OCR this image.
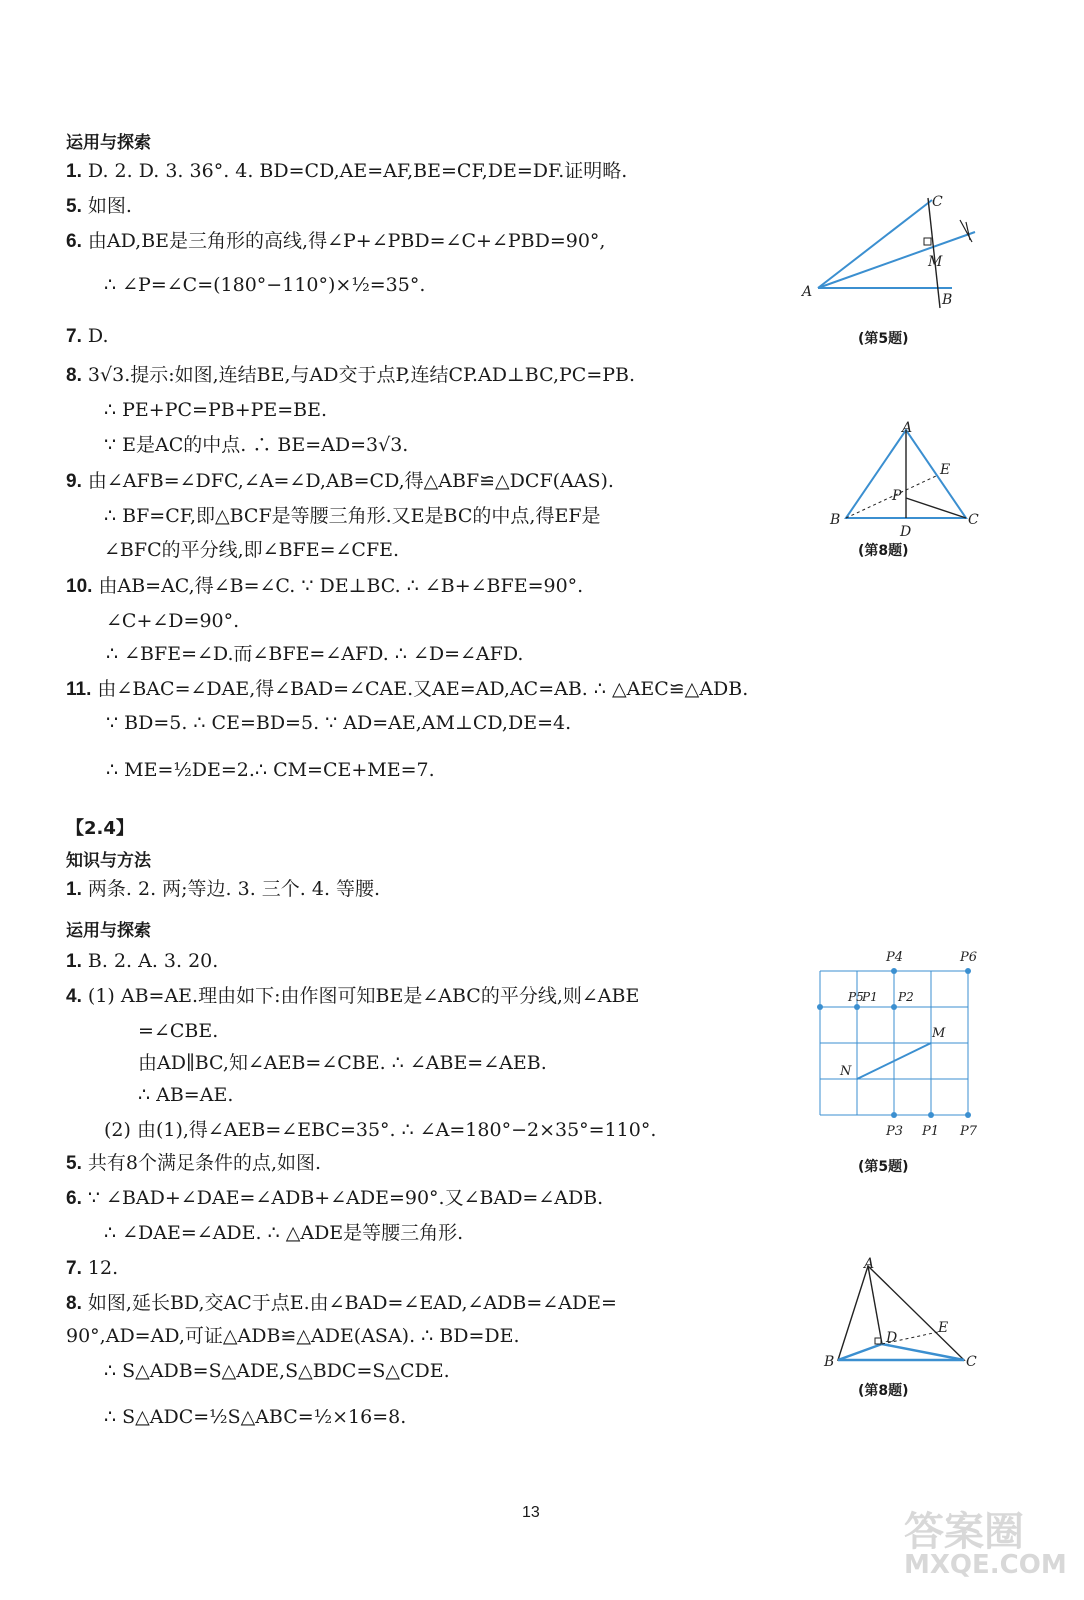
运用与探索
1. D. 2. D. 3. 36°. 4. BD=CD,AE=AF,BE=CF,DE=DF.证明略.
5. 如图.
6. 由AD,BE是三角形的高线,得∠P+∠PBD=∠C+∠PBD=90°,
∴ ∠P=∠C=(180°−110°)×½=35°.
7. D.
8. 3√3.提示:如图,连结BE,与AD交于点P,连结CP.AD⊥BC,PC=PB.
∴ PE+PC=PB+PE=BE.
∵ E是AC的中点. ∴ BE=AD=3√3.
9. 由∠AFB=∠DFC,∠A=∠D,AB=CD,得△ABF≌△DCF(AAS).
∴ BF=CF,即△BCF是等腰三角形.又E是BC的中点,得EF是
∠BFC的平分线,即∠BFE=∠CFE.
10. 由AB=AC,得∠B=∠C. ∵ DE⊥BC. ∴ ∠B+∠BFE=90°.
∠C+∠D=90°.
∴ ∠BFE=∠D.而∠BFE=∠AFD. ∴ ∠D=∠AFD.
11. 由∠BAC=∠DAE,得∠BAD=∠CAE.又AE=AD,AC=AB. ∴ △AEC≌△ADB.
∵ BD=5. ∴ CE=BD=5. ∵ AD=AE,AM⊥CD,DE=4.
∴ ME=½DE=2.∴ CM=CE+ME=7.
1. B. 2. A. 3. 20.
4. (1) AB=AE.理由如下:由作图可知BE是∠ABC的平分线,则∠ABE
=∠CBE.
由AD∥BC,知∠AEB=∠CBE. ∴ ∠ABE=∠AEB.
∴ AB=AE.
(2) 由(1),得∠AEB=∠EBC=35°. ∴ ∠A=180°−2×35°=110°.
5. 共有8个满足条件的点,如图.
6. ∵ ∠BAD+∠DAE=∠ADB+∠ADE=90°.又∠BAD=∠ADB.
∴ ∠DAE=∠ADE. ∴ △ADE是等腰三角形.
7. 12.
8. 如图,延长BD,交AC于点E.由∠BAD=∠EAD,∠ADB=∠ADE=
90°,AD=AD,可证△ADB≌△ADE(ASA). ∴ BD=DE.
∴ S△ADB=S△ADE,S△BDC=S△CDE.
∴ S△ADC=½S△ABC=½×16=8.
【2.4】
知识与方法
1. 两条. 2. 两;等边. 3. 三个. 4. 等腰.
运用与探索
A	B
C
M
(第5题)
A
B	C
D
E
P
(第8题)
P4	P6
P5
P1 P2
M
N
P3 P1 P7
(第5题)
A
B	C
D
E
(第8题)
13	答案圈
MXQE.COM
